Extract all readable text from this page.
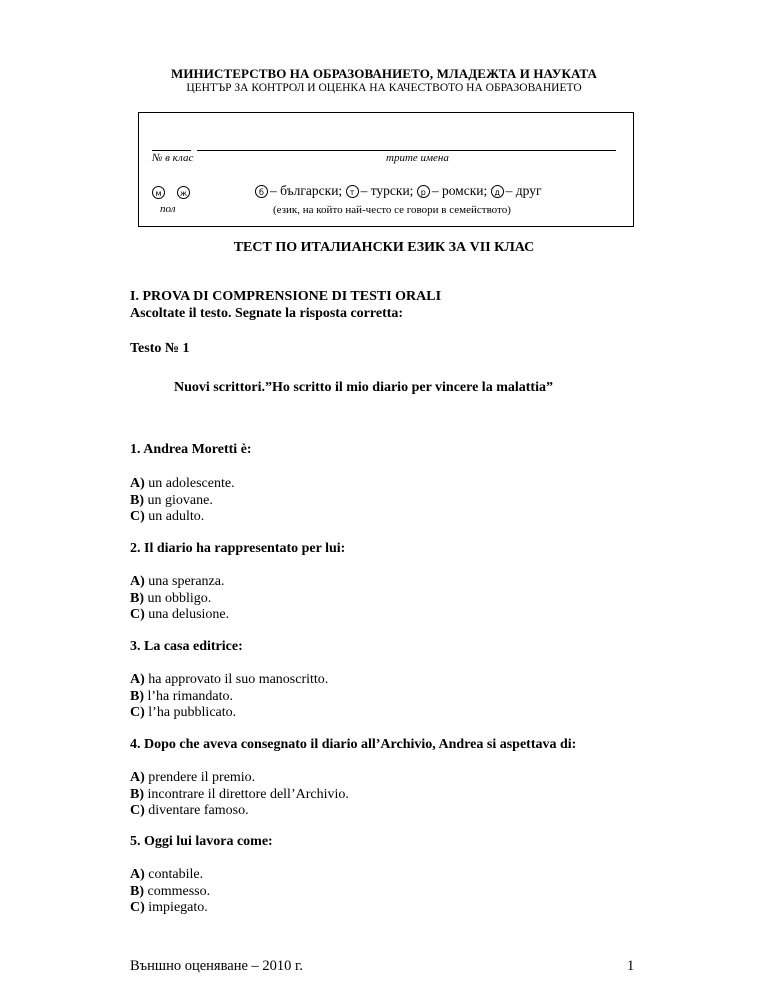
МИНИСТЕРСТВО НА ОБРАЗОВАНИЕТО, МЛАДЕЖТА И НАУКАТА
ЦЕНТЪР ЗА КОНТРОЛ И ОЦЕНКА НА КАЧЕСТВОТО НА ОБРАЗОВАНИЕТО
№ в клас	трите имена
м ж
пол
б – български; т – турски; р – ромски; д – друг
(език, на който най-често се говори в семейството)
ТЕСТ ПО ИТАЛИАНСКИ ЕЗИК ЗА VII КЛАС
I. PROVA DI COMPRENSIONE DI TESTI ORALI
Ascoltate il testo. Segnate la risposta corretta:
Testo № 1
Nuovi scrittori.”Ho scritto il mio diario per vincere la malattia”
1. Andrea Moretti è:
A) un adolescente.
B) un giovane.
C) un adulto.
2. Il diario ha rappresentato per lui:
A) una speranza.
B) un obbligo.
C) una delusione.
3. La casa editrice:
A) ha approvato il suo manoscritto.
B) l’ha rimandato.
C) l’ha pubblicato.
4. Dopo che aveva consegnato il diario all’Archivio, Andrea si aspettava di:
A) prendere il premio.
B) incontrare il direttore dell’Archivio.
C) diventare famoso.
5. Oggi lui lavora come:
A) contabile.
B) commesso.
C) impiegato.
Външно оценяване – 2010 г.	1
